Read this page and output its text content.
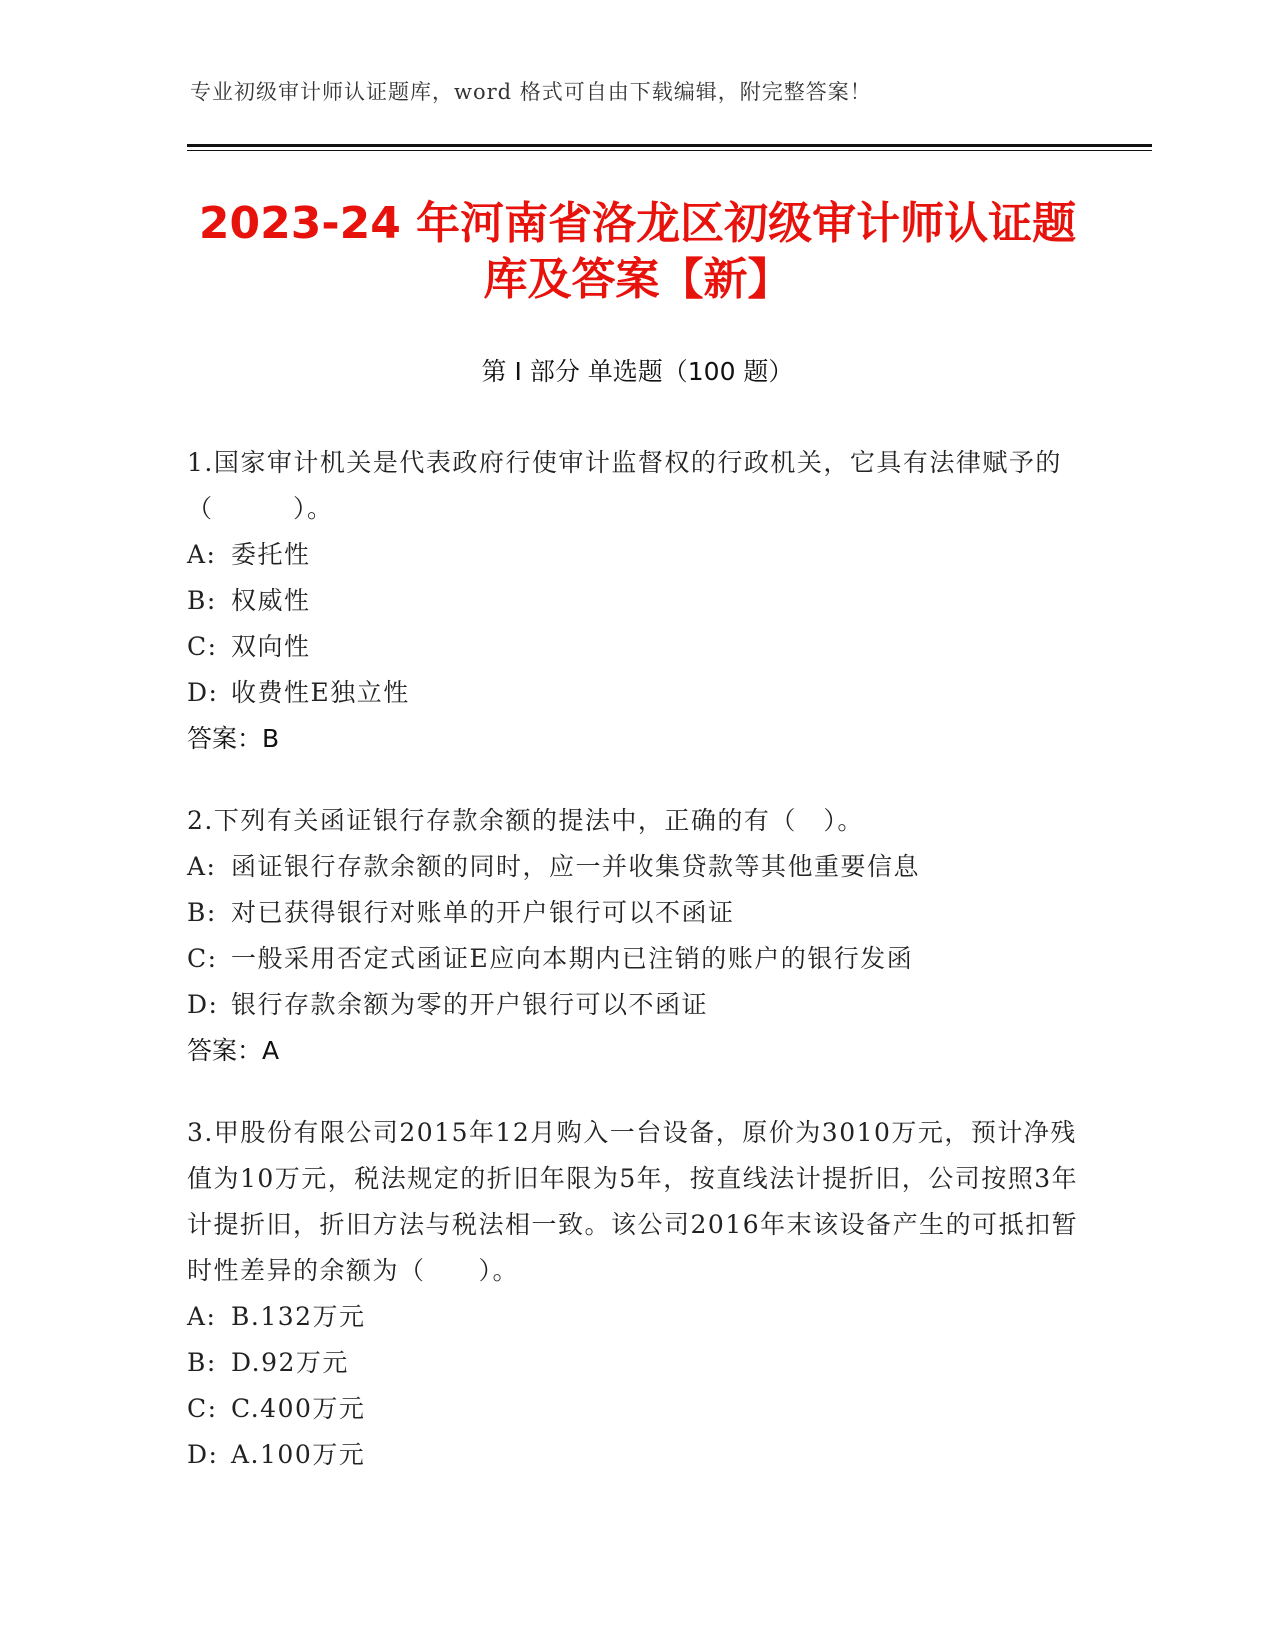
专业初级审计师认证题库，word 格式可自由下载编辑，附完整答案！
2023-24 年河南省洛龙区初级审计师认证题
库及答案【新】
第 I 部分 单选题（100 题）

1.国家审计机关是代表政府行使审计监督权的行政机关，它具有法律赋予的（　　　）。

A: 委托性
B: 权威性
C: 双向性
D: 收费性E独立性
答案：B

2.下列有关函证银行存款余额的提法中，正确的有（　）。

A: 函证银行存款余额的同时，应一并收集贷款等其他重要信息
B: 对已获得银行对账单的开户银行可以不函证
C: 一般采用否定式函证E应向本期内已注销的账户的银行发函
D: 银行存款余额为零的开户银行可以不函证
答案：A

3.甲股份有限公司2015年12月购入一台设备，原价为3010万元，预计净残值为10万元，税法规定的折旧年限为5年，按直线法计提折旧，公司按照3年计提折旧，折旧方法与税法相一致。该公司2016年末该设备产生的可抵扣暂时性差异的余额为（　　）。

A: B.132万元
B: D.92万元
C: C.400万元
D: A.100万元
